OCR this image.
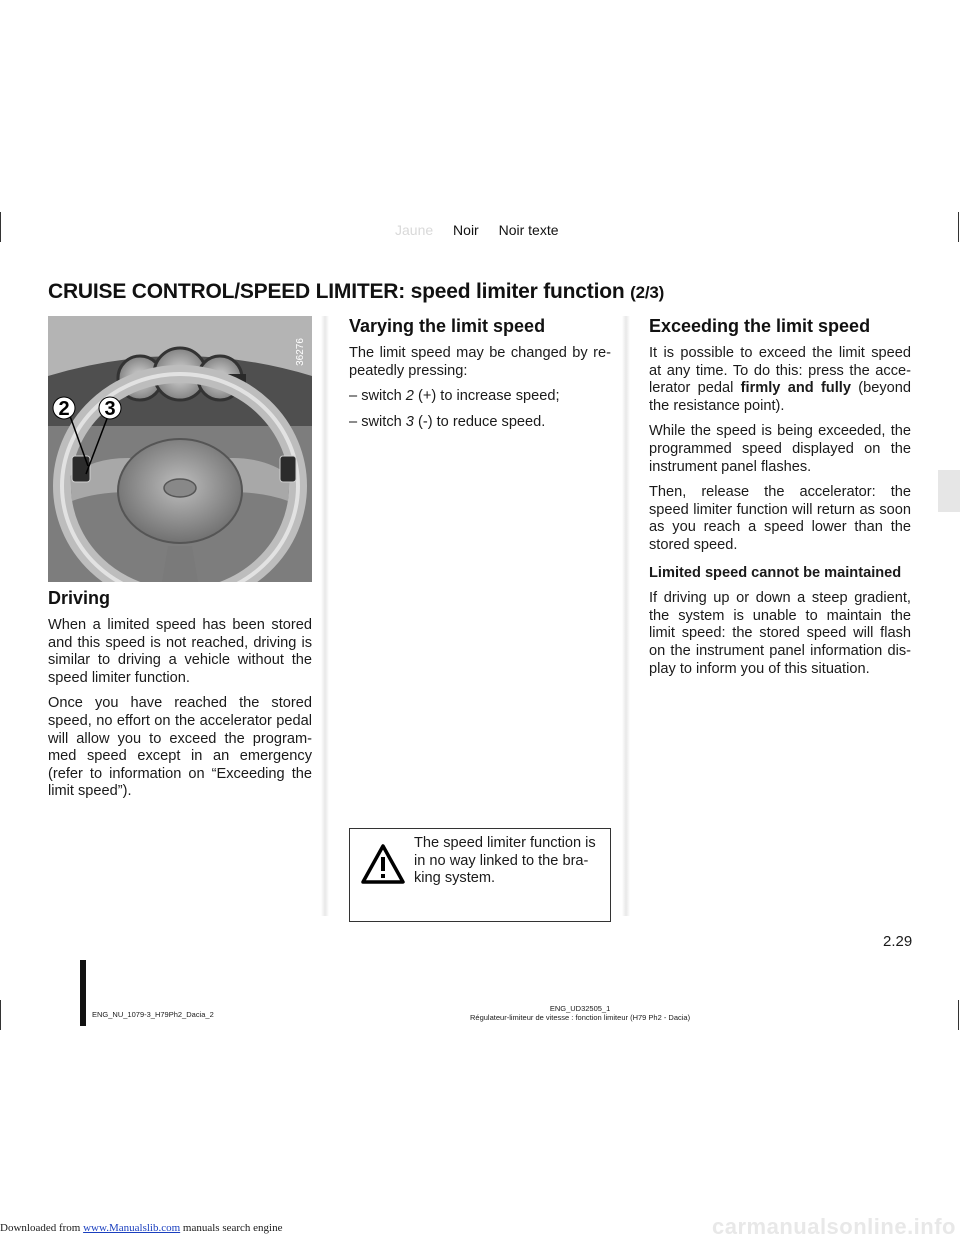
Jaune Noir Noir texte
CRUISE CONTROL/SPEED LIMITER: speed limiter function (2/3)
2 3
36276
Driving

When a limited speed has been stored and this speed is not reached, driving is similar to driving a vehicle without the speed limiter function.

Once you have reached the stored speed, no effort on the accelerator pedal will allow you to exceed the program-med speed except in an emergency (refer to information on “Exceeding the limit speed”).

Varying the limit speed

The limit speed may be changed by re-peatedly pressing:

– switch 2 (+) to increase speed;

– switch 3 (-) to reduce speed.

The speed limiter function is in no way linked to the bra-king system.

Exceeding the limit speed

It is possible to exceed the limit speed at any time. To do this: press the acce-lerator pedal firmly and fully (beyond the resistance point).

While the speed is being exceeded, the programmed speed displayed on the instrument panel flashes.

Then, release the accelerator: the speed limiter function will return as soon as you reach a speed lower than the stored speed.

Limited speed cannot be maintained

If driving up or down a steep gradient, the system is unable to maintain the limit speed: the stored speed will flash on the instrument panel information dis-play to inform you of this situation.

2.29
ENG_NU_1079-3_H79Ph2_Dacia_2
ENG_UD32505_1
Régulateur-limiteur de vitesse : fonction limiteur (H79 Ph2 - Dacia)
Downloaded from www.Manualslib.com manuals search engine	carmanualsonline.info
